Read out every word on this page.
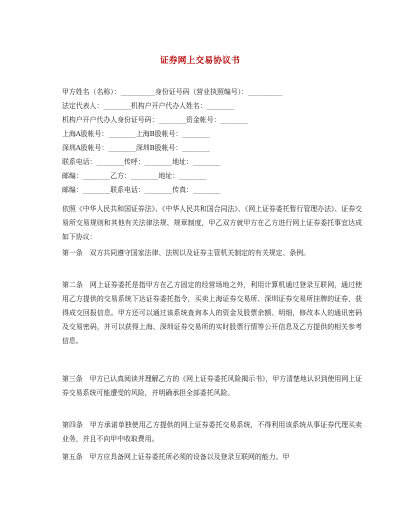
证券网上交易协议书
甲方姓名（名称）：__________身份证号码（营业执照编号）：__________
法定代表人：________机构户开户代办人姓名：________
机构户开户代办人身份证号码：________资金帐号：________
上海A股帐号：________上海B股帐号：________
深圳A股帐号：________深圳B股帐号：________
联系电话：________传呼：________地址：________
邮编：________乙方：________地址：________
邮编：________联系电话：________传真：________
依照《中华人民共和国证券法》、《中华人民共和国合同法》、《网上证券委托暂行管理办法》、证券交易所交易规则和其他有关法律法规、规章制度，甲乙双方就甲方在乙方进行网上证券委托事宜达成如下协议：
第一条　双方共同遵守国家法律、法规以及证券主管机关制定的有关规定、条例。
第二条　网上证券委托是指甲方在乙方固定的经营场地之外，利用计算机通过登录互联网，通过使用乙方提供的交易系统下达证券委托指令，买卖上海证券交易所、深圳证券交易所挂牌的证券，获得成交回报信息。甲方还可以通过该系统查询本人的资金及股票余额、明细，修改本人的通讯密码及交易密码，并可以获得上海、深圳证券交易所的实时股票行情等公开信息及乙方提供的相关参考信息。
第三条　甲方已认真阅读并理解乙方的《网上证券委托风险揭示书》，甲方清楚地认识到使用网上证券交易系统可能遭受的风险，并明确承担全部委托风险。
第四条　甲方承诺单独使用乙方提供的网上证券委托交易系统，不得利用该系统从事证券代理买卖业务，并且不向甲中收取费用。
第五条　甲方应具备网上证券委托所必须的设备以及登录互联网的能力。甲
